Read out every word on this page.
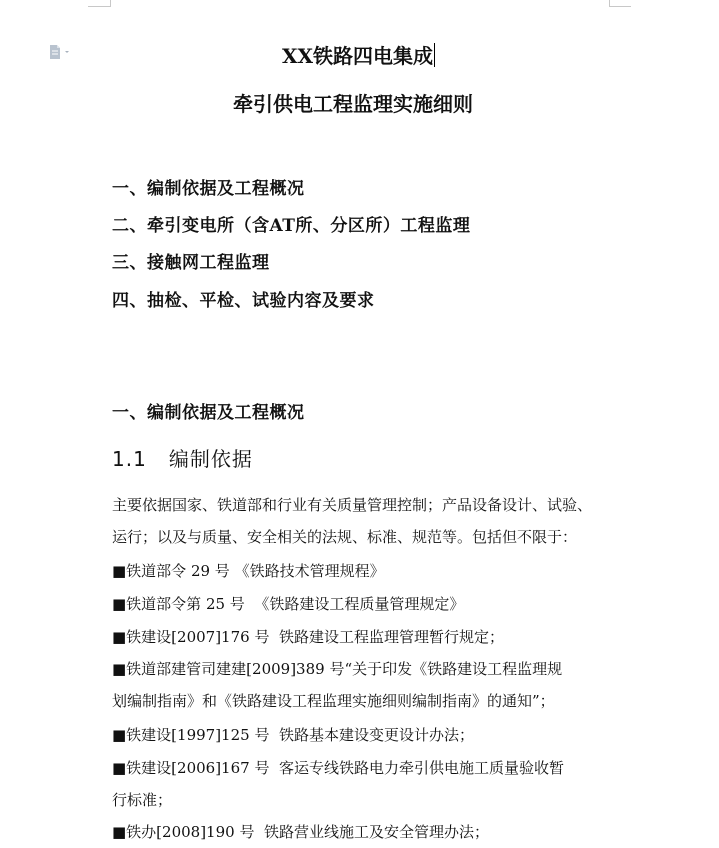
XX铁路四电集成
牵引供电工程监理实施细则
一、编制依据及工程概况
二、牵引变电所（含AT所、分区所）工程监理
三、接触网工程监理
四、抽检、平检、试验内容及要求
一、编制依据及工程概况
1.1   编制依据
主要依据国家、铁道部和行业有关质量管理控制；产品设备设计、试验、
运行；以及与质量、安全相关的法规、标准、规范等。包括但不限于：
■铁道部令 29 号 《铁路技术管理规程》
■铁道部令第 25 号  《铁路建设工程质量管理规定》
■铁建设[2007]176 号  铁路建设工程监理管理暂行规定；
■铁道部建管司建建[2009]389 号“关于印发《铁路建设工程监理规
划编制指南》和《铁路建设工程监理实施细则编制指南》的通知”；
■铁建设[1997]125 号  铁路基本建设变更设计办法；
■铁建设[2006]167 号  客运专线铁路电力牵引供电施工质量验收暂
行标准；
■铁办[2008]190 号  铁路营业线施工及安全管理办法；
